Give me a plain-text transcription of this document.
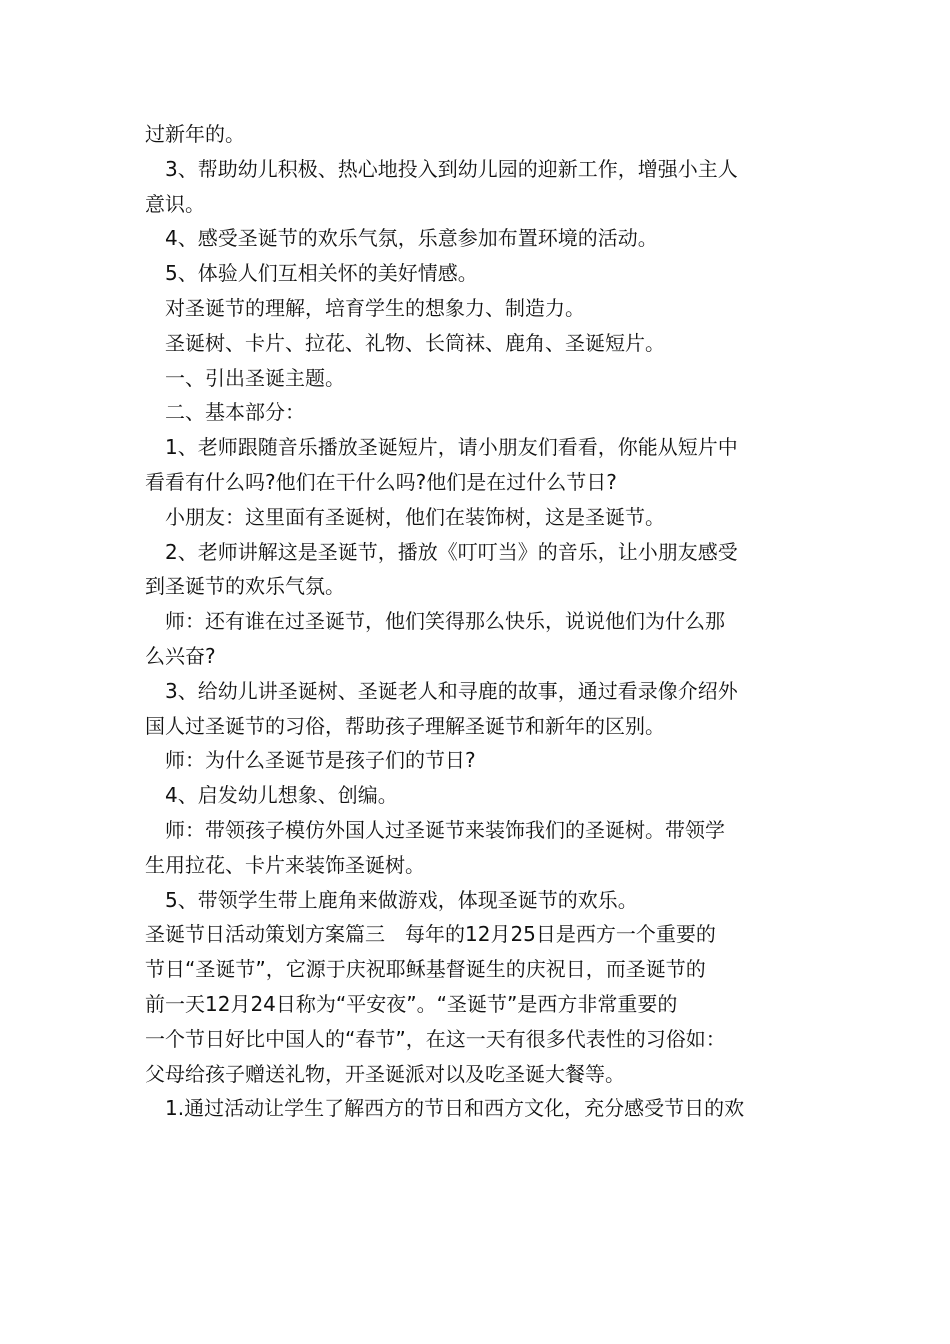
过新年的。
3、帮助幼儿积极、热心地投入到幼儿园的迎新工作，增强小主人
意识。
4、感受圣诞节的欢乐气氛，乐意参加布置环境的活动。
5、体验人们互相关怀的美好情感。
对圣诞节的理解，培育学生的想象力、制造力。
圣诞树、卡片、拉花、礼物、长筒袜、鹿角、圣诞短片。
一、引出圣诞主题。
二、基本部分：
1、老师跟随音乐播放圣诞短片，请小朋友们看看，你能从短片中
看看有什么吗?他们在干什么吗?他们是在过什么节日?
小朋友：这里面有圣诞树，他们在装饰树，这是圣诞节。
2、老师讲解这是圣诞节，播放《叮叮当》的音乐，让小朋友感受
到圣诞节的欢乐气氛。
师：还有谁在过圣诞节，他们笑得那么快乐，说说他们为什么那
么兴奋?
3、给幼儿讲圣诞树、圣诞老人和寻鹿的故事，通过看录像介绍外
国人过圣诞节的习俗，帮助孩子理解圣诞节和新年的区别。
师：为什么圣诞节是孩子们的节日?
4、启发幼儿想象、创编。
师：带领孩子模仿外国人过圣诞节来装饰我们的圣诞树。带领学
生用拉花、卡片来装饰圣诞树。
5、带领学生带上鹿角来做游戏，体现圣诞节的欢乐。
圣诞节日活动策划方案篇三　每年的12月25日是西方一个重要的
节日“圣诞节”，它源于庆祝耶稣基督诞生的庆祝日，而圣诞节的
前一天12月24日称为“平安夜”。“圣诞节”是西方非常重要的
一个节日好比中国人的“春节”，在这一天有很多代表性的习俗如：
父母给孩子赠送礼物，开圣诞派对以及吃圣诞大餐等。
1.通过活动让学生了解西方的节日和西方文化，充分感受节日的欢
